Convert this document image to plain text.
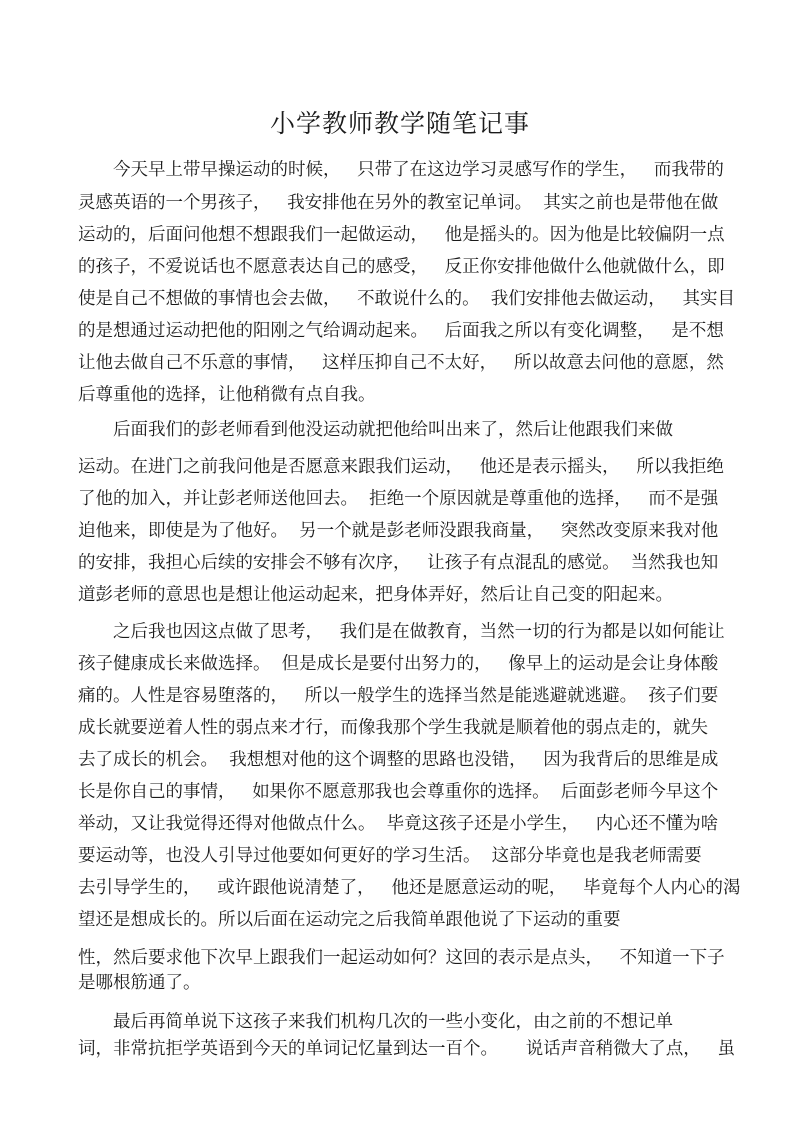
小学教师教学随笔记事
今天早上带早操运动的时候，   只带了在这边学习灵感写作的学生，   而我带的
灵感英语的一个男孩子，   我安排他在另外的教室记单词。  其实之前也是带他在做
运动的，后面问他想不想跟我们一起做运动，   他是摇头的。因为他是比较偏阴一点
的孩子，不爱说话也不愿意表达自己的感受，   反正你安排他做什么他就做什么，即
使是自己不想做的事情也会去做，   不敢说什么的。  我们安排他去做运动，   其实目
的是想通过运动把他的阳刚之气给调动起来。   后面我之所以有变化调整，   是不想
让他去做自己不乐意的事情，   这样压抑自己不太好，   所以故意去问他的意愿，然
后尊重他的选择，让他稍微有点自我。
后面我们的彭老师看到他没运动就把他给叫出来了，然后让他跟我们来做
运动。在进门之前我问他是否愿意来跟我们运动，   他还是表示摇头，   所以我拒绝
了他的加入，并让彭老师送他回去。  拒绝一个原因就是尊重他的选择，   而不是强
迫他来，即使是为了他好。  另一个就是彭老师没跟我商量，   突然改变原来我对他
的安排，我担心后续的安排会不够有次序，   让孩子有点混乱的感觉。  当然我也知
道彭老师的意思也是想让他运动起来，把身体弄好，然后让自己变的阳起来。
之后我也因这点做了思考，   我们是在做教育，当然一切的行为都是以如何能让
孩子健康成长来做选择。  但是成长是要付出努力的，   像早上的运动是会让身体酸
痛的。人性是容易堕落的，   所以一般学生的选择当然是能逃避就逃避。  孩子们要
成长就要逆着人性的弱点来才行，而像我那个学生我就是顺着他的弱点走的，就失
去了成长的机会。  我想想对他的这个调整的思路也没错，   因为我背后的思维是成
长是你自己的事情，   如果你不愿意那我也会尊重你的选择。  后面彭老师今早这个
举动，又让我觉得还得对他做点什么。  毕竟这孩子还是小学生，   内心还不懂为啥
要运动等，也没人引导过他要如何更好的学习生活。  这部分毕竟也是我老师需要
去引导学生的，   或许跟他说清楚了，   他还是愿意运动的呢，   毕竟每个人内心的渴
望还是想成长的。所以后面在运动完之后我简单跟他说了下运动的重要
性，然后要求他下次早上跟我们一起运动如何？这回的表示是点头，   不知道一下子
是哪根筋通了。
最后再简单说下这孩子来我们机构几次的一些小变化，由之前的不想记单
词，非常抗拒学英语到今天的单词记忆量到达一百个。     说话声音稍微大了点，   虽
